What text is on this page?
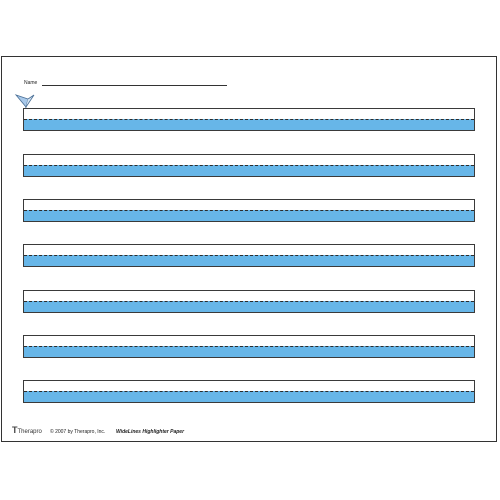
Name
TTherapro © 2007 by Therapro, Inc. WideLines Highlighter Paper
